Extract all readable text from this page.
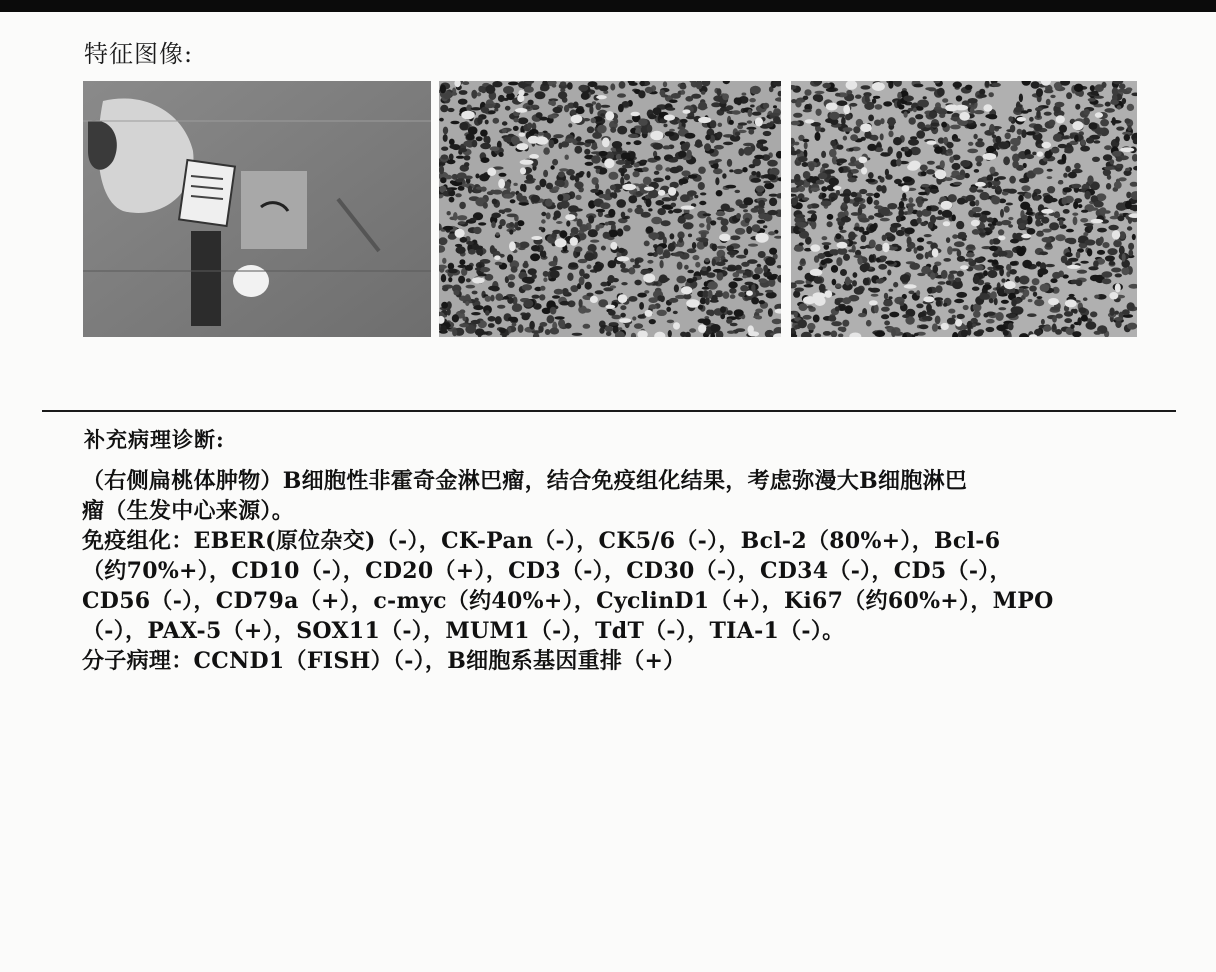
特征图像:
补充病理诊断:

（右侧扁桃体肿物）B细胞性非霍奇金淋巴瘤，结合免疫组化结果，考虑弥漫大B细胞淋巴

瘤（生发中心来源）。

免疫组化：EBER(原位杂交)（-），CK-Pan（-），CK5/6（-），Bcl-2（80%+），Bcl-6

（约70%+），CD10（-），CD20（+），CD3（-），CD30（-），CD34（-），CD5（-），

CD56（-），CD79a（+），c-myc（约40%+），CyclinD1（+），Ki67（约60%+），MPO

（-），PAX-5（+），SOX11（-），MUM1（-），TdT（-），TIA-1（-）。

分子病理：CCND1（FISH）（-），B细胞系基因重排（+）
